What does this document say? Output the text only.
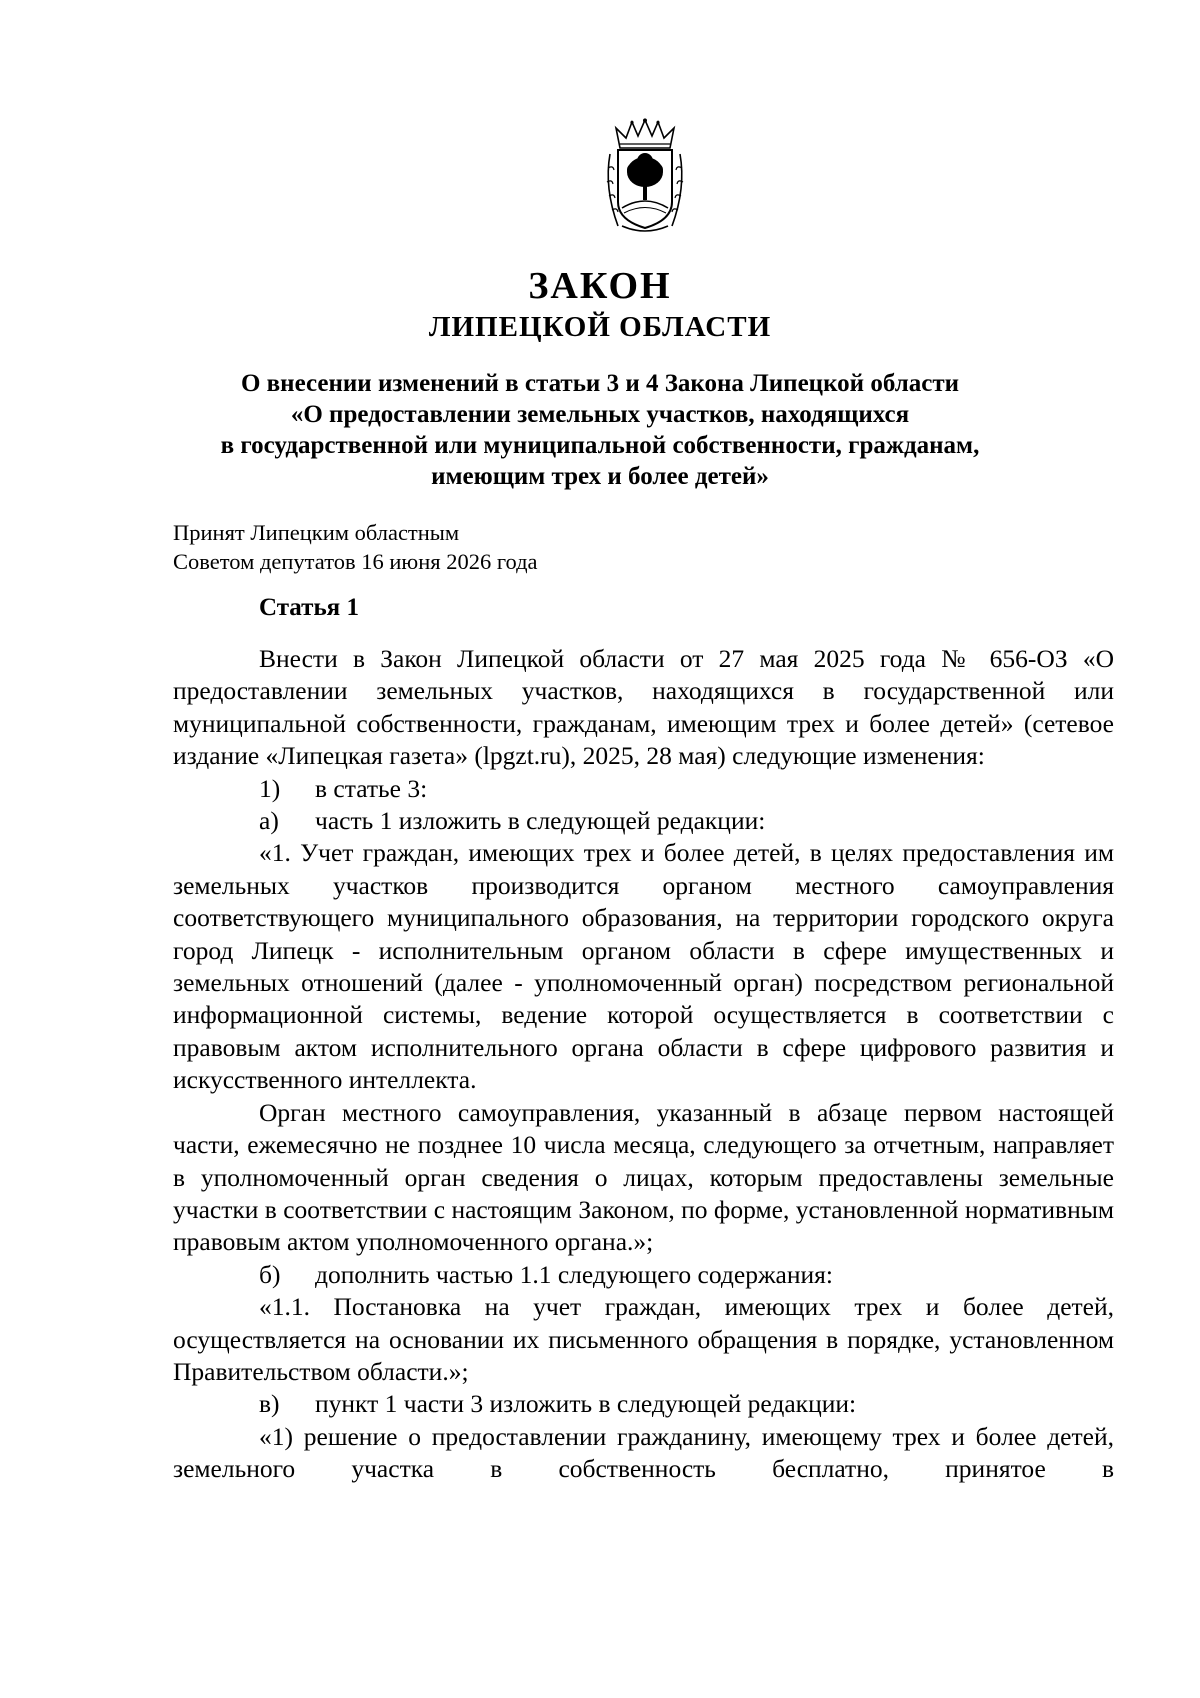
ЗАКОН
ЛИПЕЦКОЙ ОБЛАСТИ
О внесении изменений в статьи 3 и 4 Закона Липецкой области
«О предоставлении земельных участков, находящихся
в государственной или муниципальной собственности, гражданам,
имеющим трех и более детей»
Принят Липецким областным
Советом депутатов 16 июня 2026 года
Статья 1

Внести в Закон Липецкой области от 27 мая 2025 года № 656-ОЗ «О предоставлении земельных участков, находящихся в государственной или муниципальной собственности, гражданам, имеющим трех и более детей» (сетевое издание «Липецкая газета» (lpgzt.ru), 2025, 28 мая) следующие изменения:

1)	в статье 3:
а)	часть 1 изложить в следующей редакции:

«1. Учет граждан, имеющих трех и более детей, в целях предоставления им земельных участков производится органом местного самоуправления соответствующего муниципального образования, на территории городского округа город Липецк - исполнительным органом области в сфере имущественных и земельных отношений (далее - уполномоченный орган) посредством региональной информационной системы, ведение которой осуществляется в соответствии с правовым актом исполнительного органа области в сфере цифрового развития и искусственного интеллекта.

Орган местного самоуправления, указанный в абзаце первом настоящей части, ежемесячно не позднее 10 числа месяца, следующего за отчетным, направляет в уполномоченный орган сведения о лицах, которым предоставлены земельные участки в соответствии с настоящим Законом, по форме, установленной нормативным правовым актом уполномоченного органа.»;

б)	дополнить частью 1.1 следующего содержания:

«1.1. Постановка на учет граждан, имеющих трех и более детей, осуществляется на основании их письменного обращения в порядке, установленном Правительством области.»;

в)	пункт 1 части 3 изложить в следующей редакции:

«1) решение о предоставлении гражданину, имеющему трех и более детей, земельного участка в собственность бесплатно, принятое в
